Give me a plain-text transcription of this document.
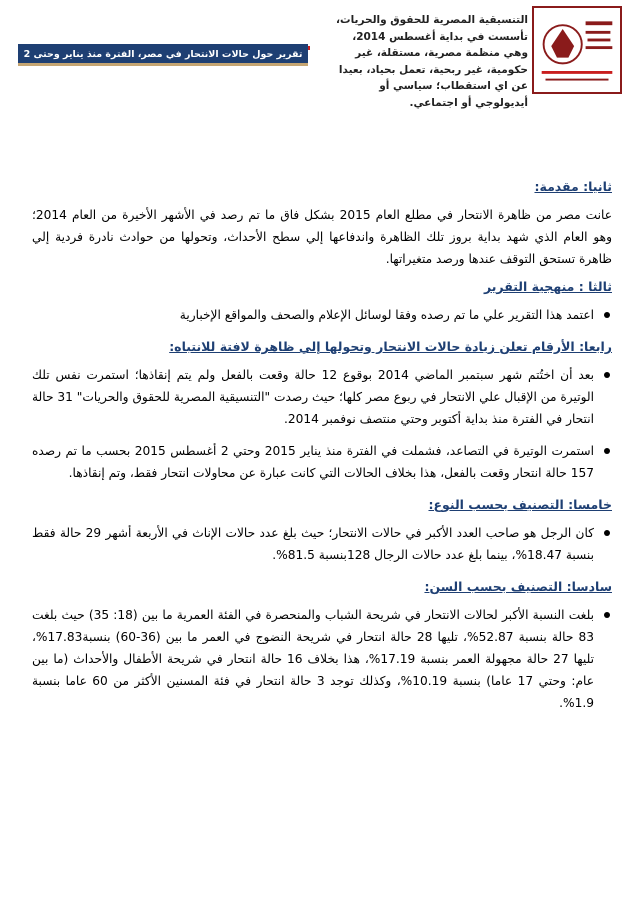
التنسيقية المصرية للحقوق والحريات، تأسست في بداية أغسطس 2014، وهي منظمة مصرية، مستقلة، غير حكومية، غير ربحية، تعمل بحياد، بعيدا عن اي استقطاب؛ سياسي أو أيديولوجي أو اجتماعي.
تقرير حول حالات الانتحار في مصر، الفترة منذ يناير وحتى 2 أغسطس 2015
ثانيا: مقدمة:

عانت مصر من ظاهرة الانتحار في مطلع العام 2015 بشكل فاق ما تم رصد في الأشهر الأخيرة من العام 2014؛ وهو العام الذي شهد بداية بروز تلك الظاهرة واندفاعها إلي سطح الأحداث، وتحولها من حوادث نادرة فردية إلي ظاهرة تستحق التوقف عندها ورصد متغيراتها.

ثالثا : منهجية التقرير
اعتمد هذا التقرير علي ما تم رصده وفقا لوسائل الإعلام والصحف والمواقع الإخبارية
رابعا: الأرقام تعلن زيادة حالات الانتحار وتحولها إلي ظاهرة لافتة للانتباه:
بعد أن اختُتم شهر سبتمبر الماضي 2014 بوقوع 12 حالة وقعت بالفعل ولم يتم إنقاذها؛ استمرت نفس تلك الوتيرة من الإقبال علي الانتحار في ربوع مصر كلها؛ حيث رصدت "التنسيقية المصرية للحقوق والحريات" 31 حالة انتحار في الفترة منذ بداية أكتوبر وحتي منتصف نوفمبر 2014.
استمرت الوتيرة في التصاعد، فشملت في الفترة منذ يناير 2015 وحتي 2 أغسطس 2015 بحسب ما تم رصده 157 حالة انتحار وقعت بالفعل، هذا بخلاف الحالات التي كانت عبارة عن محاولات انتحار فقط، وتم إنقاذها.
خامسا: التصنيف بحسب النوع:
كان الرجل هو صاحب العدد الأكبر في حالات الانتحار؛ حيث بلغ عدد حالات الإناث في الأربعة أشهر 29 حالة فقط بنسبة 18.47%، بينما بلغ عدد حالات الرجال 128بنسبة 81.5%.
سادسا: التصنيف بحسب السن:
بلغت النسبة الأكبر لحالات الانتحار في شريحة الشباب والمنحصرة في الفئة العمرية ما بين (18: 35) حيث بلغت 83 حالة بنسبة 52.87%، تليها 28 حالة انتحار في شريحة النضوج في العمر ما بين (36-60) بنسبة17.83%، تليها 27 حالة مجهولة العمر بنسبة 17.19%، هذا بخلاف 16 حالة انتحار في شريحة الأطفال والأحداث (ما بين عام: وحتي 17 عاما) بنسبة 10.19%، وكذلك توجد 3 حالة انتحار في فئة المسنين الأكثر من 60 عاما بنسبة 1.9%.
